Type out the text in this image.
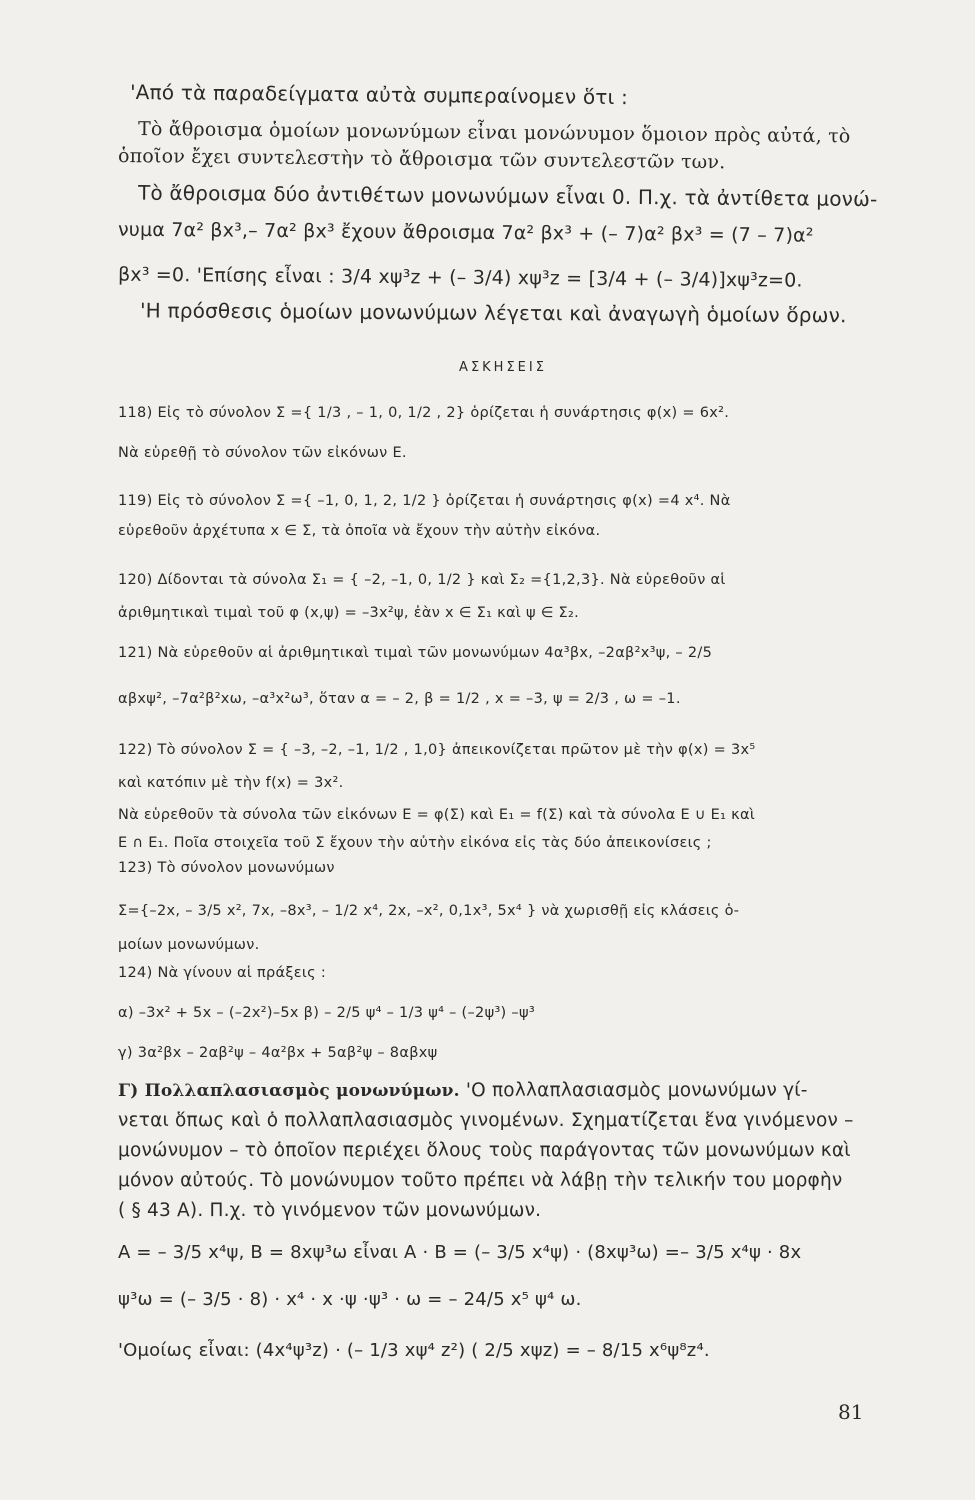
'Από τὰ παραδείγματα αὐτὰ συμπεραίνομεν ὅτι :
Τὸ ἄθροισμα ὁμοίων μονωνύμων εἶναι μονώνυμον ὅμοιον πρὸς αὐτά, τὸ
ὁποῖον ἔχει συντελεστὴν τὸ ἄθροισμα τῶν συντελεστῶν των.
Τὸ ἄθροισμα δύο ἀντιθέτων μονωνύμων εἶναι 0. Π.χ. τὰ ἀντίθετα μονώ-
νυμα 7α² βx³,– 7α² βx³ ἔχουν ἄθροισμα 7α² βx³ + (– 7)α² βx³ = (7 – 7)α²
βx³ =0. 'Επίσης εἶναι : 3/4 xψ³z + (– 3/4) xψ³z = [3/4 + (– 3/4)]xψ³z=0.
'Η πρόσθεσις ὁμοίων μονωνύμων λέγεται καὶ ἀναγωγὴ ὁμοίων ὅρων.
ΑΣΚΗΣΕΙΣ
118) Εἰς τὸ σύνολον Σ ={ 1/3 , – 1, 0, 1/2 , 2} ὁρίζεται ἡ συνάρτησις φ(x) = 6x².
Νὰ εὑρεθῇ τὸ σύνολον τῶν εἰκόνων Ε.
119) Εἰς τὸ σύνολον Σ ={ –1, 0, 1, 2, 1/2 } ὁρίζεται ἡ συνάρτησις φ(x) =4 x⁴. Νὰ
εὑρεθοῦν ἀρχέτυπα x ∈ Σ, τὰ ὁποῖα νὰ ἔχουν τὴν αὐτὴν εἰκόνα.
120) Δίδονται τὰ σύνολα Σ₁ = { –2, –1, 0, 1/2 } καὶ Σ₂ ={1,2,3}. Νὰ εὑρεθοῦν αἱ
ἀριθμητικαὶ τιμαὶ τοῦ φ (x,ψ) = –3x²ψ, ἐὰν x ∈ Σ₁ καὶ ψ ∈ Σ₂.
121) Νὰ εὑρεθοῦν αἱ ἀριθμητικαὶ τιμαὶ τῶν μονωνύμων 4α³βx, –2αβ²x³ψ, – 2/5
αβxψ², –7α²β²xω, –α³x²ω³, ὅταν α = – 2, β = 1/2 , x = –3, ψ = 2/3 , ω = –1.
122) Τὸ σύνολον Σ = { –3, –2, –1, 1/2 , 1,0} ἀπεικονίζεται πρῶτον μὲ τὴν φ(x) = 3x⁵
καὶ κατόπιν μὲ τὴν f(x) = 3x².
Νὰ εὑρεθοῦν τὰ σύνολα τῶν εἰκόνων Ε = φ(Σ) καὶ Ε₁ = f(Σ) καὶ τὰ σύνολα Ε ∪ Ε₁ καὶ
Ε ∩ Ε₁. Ποῖα στοιχεῖα τοῦ Σ ἔχουν τὴν αὐτὴν εἰκόνα εἰς τὰς δύο ἀπεικονίσεις ;
123) Τὸ σύνολον μονωνύμων
Σ={–2x, – 3/5 x², 7x, –8x³, – 1/2 x⁴, 2x, –x², 0,1x³, 5x⁴ } νὰ χωρισθῇ εἰς κλάσεις ὁ-
μοίων μονωνύμων.
124) Νὰ γίνουν αἱ πράξεις :
α) –3x² + 5x – (–2x²)–5x β) – 2/5 ψ⁴ – 1/3 ψ⁴ – (–2ψ³) –ψ³
γ) 3α²βx – 2αβ²ψ – 4α²βx + 5αβ²ψ – 8αβxψ
Γ) Πολλαπλασιασμὸς μονωνύμων. 'Ο πολλαπλασιασμὸς μονωνύμων γί-
νεται ὅπως καὶ ὁ πολλαπλασιασμὸς γινομένων. Σχηματίζεται ἕνα γινόμενον –
μονώνυμον – τὸ ὁποῖον περιέχει ὅλους τοὺς παράγοντας τῶν μονωνύμων καὶ
μόνον αὐτούς. Τὸ μονώνυμον τοῦτο πρέπει νὰ λάβῃ τὴν τελικήν του μορφὴν
( § 43 Α). Π.χ. τὸ γινόμενον τῶν μονωνύμων.
Α = – 3/5 x⁴ψ, Β = 8xψ³ω εἶναι Α · Β = (– 3/5 x⁴ψ) · (8xψ³ω) =– 3/5 x⁴ψ · 8x
ψ³ω = (– 3/5 · 8) · x⁴ · x ·ψ ·ψ³ · ω = – 24/5 x⁵ ψ⁴ ω.
'Ομοίως εἶναι: (4x⁴ψ³z) · (– 1/3 xψ⁴ z²) ( 2/5 xψz) = – 8/15 x⁶ψ⁸z⁴.
81
